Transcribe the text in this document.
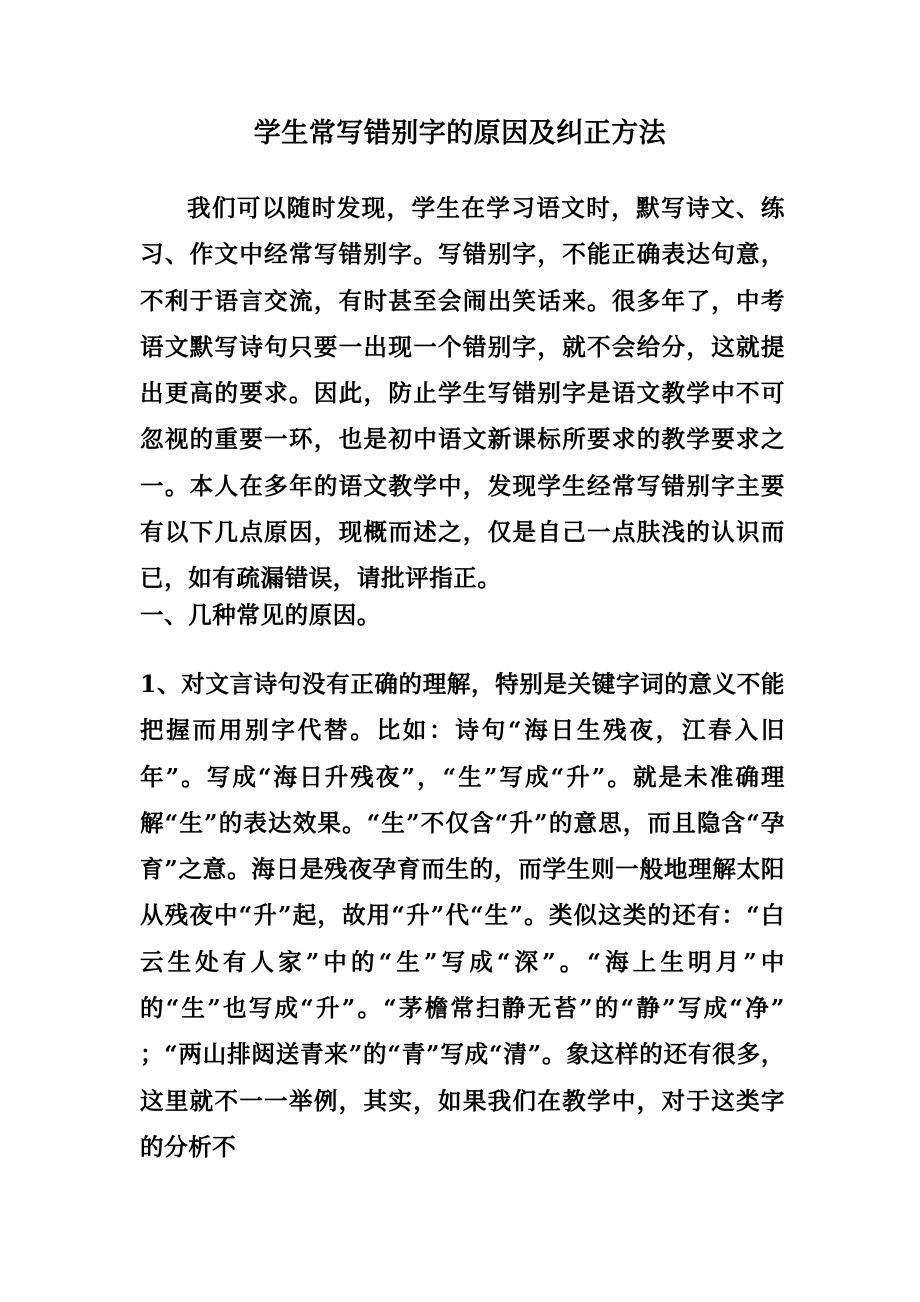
学生常写错别字的原因及纠正方法

我们可以随时发现，学生在学习语文时，默写诗文、练习、作文中经常写错别字。写错别字，不能正确表达句意，不利于语言交流，有时甚至会闹出笑话来。很多年了，中考语文默写诗句只要一出现一个错别字，就不会给分，这就提出更高的要求。因此，防止学生写错别字是语文教学中不可忽视的重要一环，也是初中语文新课标所要求的教学要求之一。本人在多年的语文教学中，发现学生经常写错别字主要有以下几点原因，现概而述之，仅是自己一点肤浅的认识而已，如有疏漏错误，请批评指正。

一、几种常见的原因。

1、对文言诗句没有正确的理解，特别是关键字词的意义不能把握而用别字代替。比如：诗句“海日生残夜，江春入旧年”。写成“海日升残夜”，“生”写成“升”。就是未准确理解“生”的表达效果。“生”不仅含“升”的意思，而且隐含“孕育”之意。海日是残夜孕育而生的，而学生则一般地理解太阳从残夜中“升”起，故用“升”代“生”。类似这类的还有：“白云生处有人家”中的“生”写成“深”。“海上生明月”中的“生”也写成“升”。“茅檐常扫静无苔”的“静”写成“净” ；“两山排闼送青来”的“青”写成“清”。象这样的还有很多，这里就不一一举例，其实，如果我们在教学中，对于这类字的分析不
